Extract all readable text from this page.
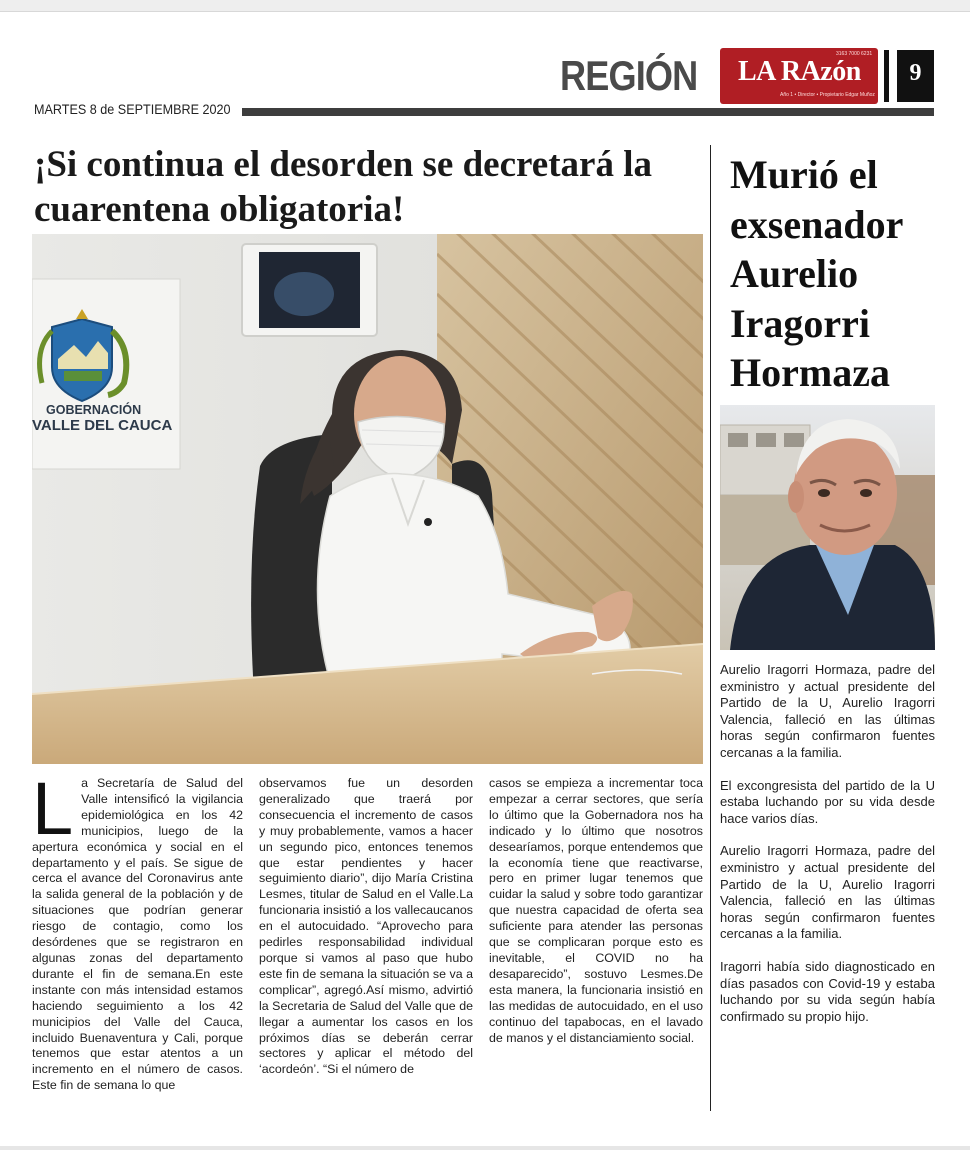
REGIÓN	3163 7000 6231
LA RAzón
Año 1 • Director • Propietario Edgar Muñoz
9
MARTES 8 de SEPTIEMBRE 2020
¡Si continua el desorden se decretará la cuarentena obligatoria!
GOBERNACIÓN
VALLE DEL CAUCA
La Secretaría de Salud del Valle intensificó la vigilancia epidemiológica en los 42 municipios, luego de la apertura económica y social en el departamento y el país. Se sigue de cerca el avance del Coronavirus ante la salida general de la población y de situaciones que podrían generar riesgo de contagio, como los desórdenes que se registraron en algunas zonas del departamento durante el fin de semana.En este instante con más intensidad estamos haciendo seguimiento a los 42 municipios del Valle del Cauca, incluido Buenaventura y Cali, porque tenemos que estar atentos a un incremento en el número de casos. Este fin de semana lo que
observamos fue un desorden generalizado que traerá por consecuencia el incremento de casos y muy probablemente, vamos a hacer un segundo pico, entonces tenemos que estar pendientes y hacer seguimiento diario”, dijo María Cristina Lesmes, titular de Salud en el Valle.La funcionaria insistió a los vallecaucanos en el autocuidado. “Aprovecho para pedirles responsabilidad individual porque si vamos al paso que hubo este fin de semana la situación se va a complicar”, agregó.Así mismo, advirtió la Secretaria de Salud del Valle que de llegar a aumentar los casos en los próximos días se deberán cerrar sectores y aplicar el método del ‘acordeón’. “Si el número de
casos se empieza a incrementar toca empezar a cerrar sectores, que sería lo último que la Gobernadora nos ha indicado y lo último que nosotros desearíamos, porque entendemos que la economía tiene que reactivarse, pero en primer lugar tenemos que cuidar la salud y sobre todo garantizar que nuestra capacidad de oferta sea suficiente para atender las personas que se complicaran porque esto es inevitable, el COVID no ha desaparecido”, sostuvo Lesmes.De esta manera, la funcionaria insistió en las medidas de autocuidado, en el uso continuo del tapabocas, en el lavado de manos y el distanciamiento social.
Murió el exsenador Aurelio Iragorri Hormaza

Aurelio Iragorri Hormaza, padre del exministro y actual presidente del Partido de la U, Aurelio Iragorri Valencia, falleció en las últimas horas según confirmaron fuentes cercanas a la familia.

El excongresista del partido de la U estaba luchando por su vida desde hace varios días.

Aurelio Iragorri Hormaza, padre del exministro y actual presidente del Partido de la U, Aurelio Iragorri Valencia, falleció en las últimas horas según confirmaron fuentes cercanas a la familia.

Iragorri había sido diagnosticado en días pasados con Covid-19 y estaba luchando por su vida según había confirmado su propio hijo.
